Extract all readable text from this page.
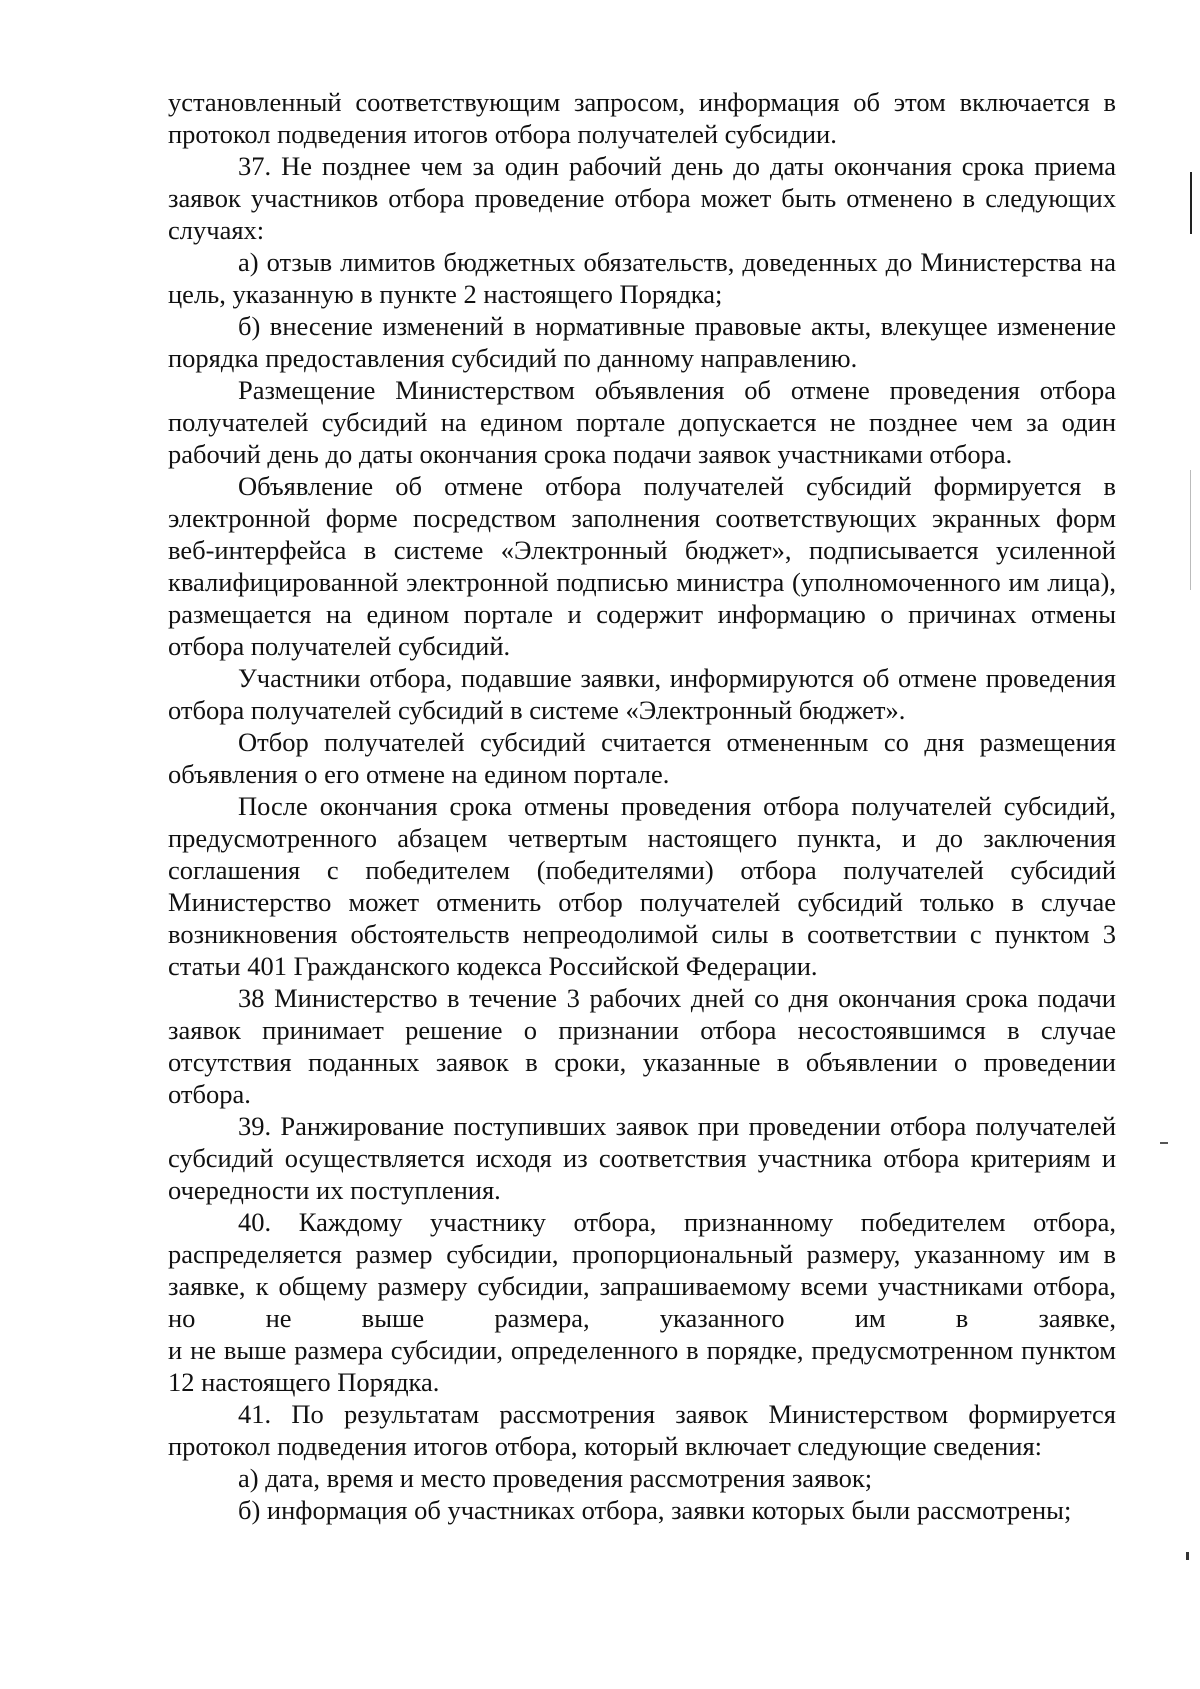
установленный соответствующим запросом, информация об этом включается в протокол подведения итогов отбора получателей субсидии.

37. Не позднее чем за один рабочий день до даты окончания срока приема заявок участников отбора проведение отбора может быть отменено в следующих случаях:

а) отзыв лимитов бюджетных обязательств, доведенных до Министерства на цель, указанную в пункте 2 настоящего Порядка;

б) внесение изменений в нормативные правовые акты, влекущее изменение порядка предоставления субсидий по данному направлению.

Размещение Министерством объявления об отмене проведения отбора получателей субсидий на едином портале допускается не позднее чем за один рабочий день до даты окончания срока подачи заявок участниками отбора.

Объявление об отмене отбора получателей субсидий формируется в электронной форме посредством заполнения соответствующих экранных форм веб-интерфейса в системе «Электронный бюджет», подписывается усиленной квалифицированной электронной подписью министра (уполномоченного им лица), размещается на едином портале и содержит информацию о причинах отмены отбора получателей субсидий.

Участники отбора, подавшие заявки, информируются об отмене проведения отбора получателей субсидий в системе «Электронный бюджет».

Отбор получателей субсидий считается отмененным со дня размещения объявления о его отмене на едином портале.

После окончания срока отмены проведения отбора получателей субсидий, предусмотренного абзацем четвертым настоящего пункта, и до заключения соглашения с победителем (победителями) отбора получателей субсидий Министерство может отменить отбор получателей субсидий только в случае возникновения обстоятельств непреодолимой силы в соответствии с пунктом 3 статьи 401 Гражданского кодекса Российской Федерации.

38 Министерство в течение 3 рабочих дней со дня окончания срока подачи заявок принимает решение о признании отбора несостоявшимся в случае отсутствия поданных заявок в сроки, указанные в объявлении о проведении отбора.

39. Ранжирование поступивших заявок при проведении отбора получателей субсидий осуществляется исходя из соответствия участника отбора критериям и очередности их поступления.

40. Каждому участнику отбора, признанному победителем отбора, распределяется размер субсидии, пропорциональный размеру, указанному им в заявке, к общему размеру субсидии, запрашиваемому всеми участниками отбора, но не выше размера, указанного им в заявке,

и не выше размера субсидии, определенного в порядке, предусмотренном пунктом 12 настоящего Порядка.

41. По результатам рассмотрения заявок Министерством формируется протокол подведения итогов отбора, который включает следующие сведения:

а) дата, время и место проведения рассмотрения заявок;

б) информация об участниках отбора, заявки которых были рассмотрены;
